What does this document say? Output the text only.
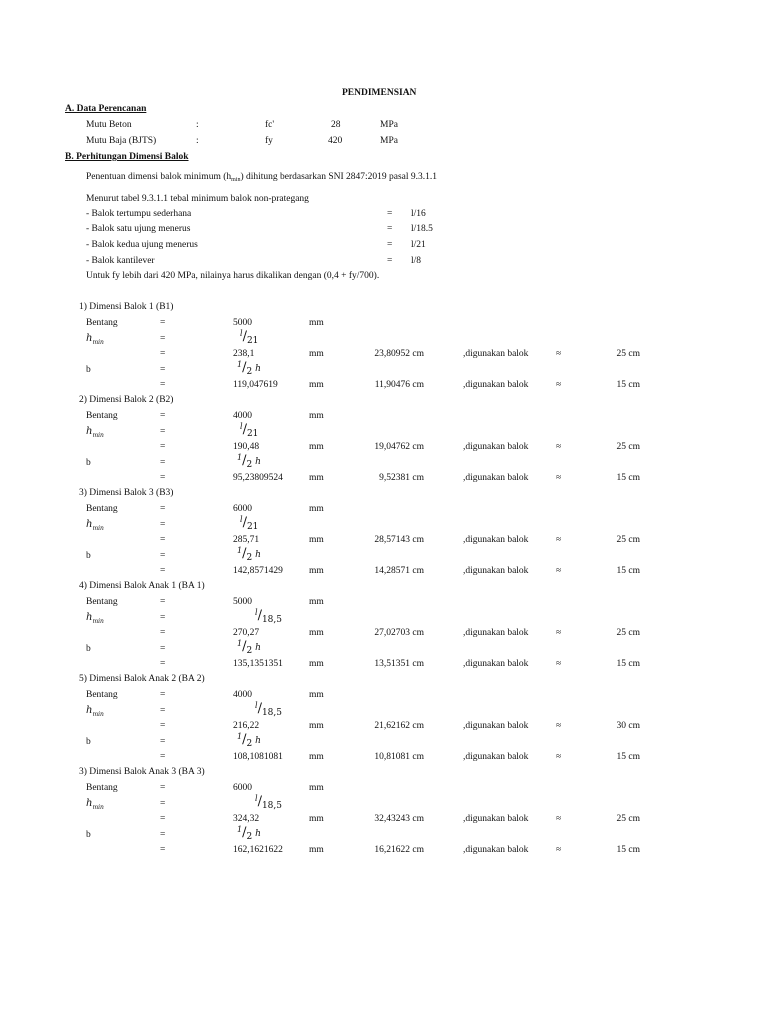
PENDIMENSIAN
A. Data Perencanan
Mutu Beton	:	fc'	28	MPa
Mutu Baja (BJTS)	:	fy	420	MPa
B. Perhitungan Dimensi Balok
Penentuan dimensi balok minimum $(h_{min})$ dihitung berdasarkan SNI 2847:2019 pasal 9.3.1.1
Menurut tabel 9.3.1.1 tebal minimum balok non-prategang
- Balok tertumpu sederhana	= l/16
- Balok satu ujung menerus	= l/18.5
- Balok kedua ujung menerus	= l/21
- Balok kantilever	= l/8
Untuk fy lebih dari 420 MPa, nilainya harus dikalikan dengan (0,4 + fy/700).
1) Dimensi Balok 1 (B1)
Bentang	=	5000	mm
$h_{min}$	=
l/21
=	238,1	mm	23,80952 cm	,digunakan balok	≈	25 cm
b	=
1/2 h
=	119,047619	mm	11,90476 cm	,digunakan balok	≈	15 cm
2) Dimensi Balok 2 (B2)
Bentang	=	4000	mm
$h_{min}$	=
l/21
=	190,48	mm	19,04762 cm	,digunakan balok	≈	25 cm
b	=
1/2 h
=	95,23809524	mm	9,52381 cm	,digunakan balok	≈	15 cm
3) Dimensi Balok 3 (B3)
Bentang	=	6000	mm
$h_{min}$	=
l/21
=	285,71	mm	28,57143 cm	,digunakan balok	≈	25 cm
b	=
1/2 h
=	142,8571429	mm	14,28571 cm	,digunakan balok	≈	15 cm
4) Dimensi Balok Anak 1 (BA 1)
Bentang	=	5000	mm
$h_{min}$	=
l/18,5
=	270,27	mm	27,02703 cm	,digunakan balok	≈	25 cm
b	=
1/2 h
=	135,1351351	mm	13,51351 cm	,digunakan balok	≈	15 cm
5) Dimensi Balok Anak 2 (BA 2)
Bentang	=	4000	mm
$h_{min}$	=
l/18,5
=	216,22	mm	21,62162 cm	,digunakan balok	≈	30 cm
b	=
1/2 h
=	108,1081081	mm	10,81081 cm	,digunakan balok	≈	15 cm
3) Dimensi Balok Anak 3 (BA 3)
Bentang	=	6000	mm
$h_{min}$	=
l/18,5
=	324,32	mm	32,43243 cm	,digunakan balok	≈	25 cm
b	=
1/2 h
=	162,1621622	mm	16,21622 cm	,digunakan balok	≈	15 cm
